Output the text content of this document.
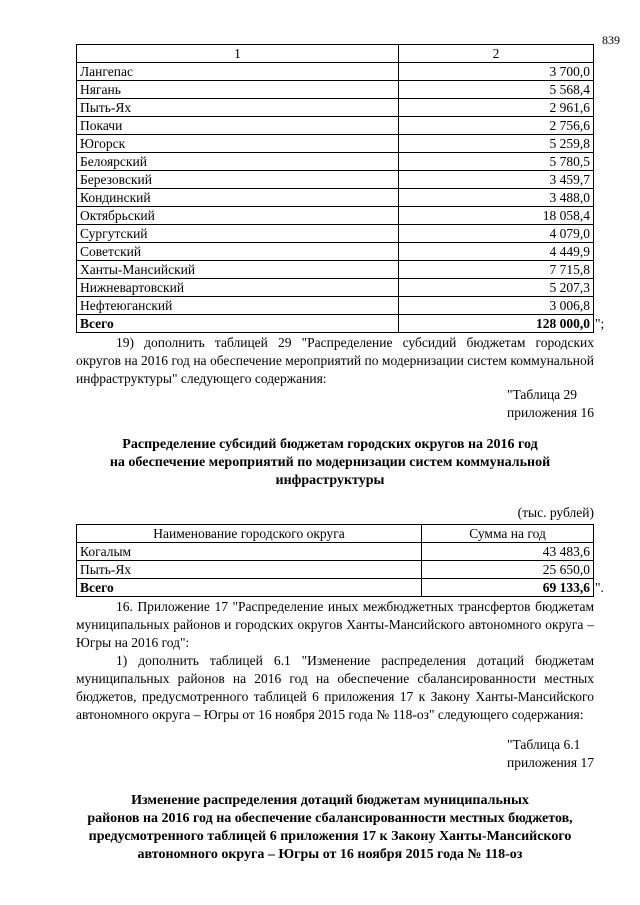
839
1	2
Лангепас	3 700,0
Нягань	5 568,4
Пыть-Ях	2 961,6
Покачи	2 756,6
Югорск	5 259,8
Белоярский	5 780,5
Березовский	3 459,7
Кондинский	3 488,0
Октябрьский	18 058,4
Сургутский	4 079,0
Советский	4 449,9
Ханты-Мансийский	7 715,8
Нижневартовский	5 207,3
Нефтеюганский	3 006,8
Всего	128 000,0 ";
19) дополнить таблицей 29 "Распределение субсидий бюджетам городских округов на 2016 год на обеспечение мероприятий по модернизации систем коммунальной инфраструктуры" следующего содержания:
"Таблица 29
приложения 16
Распределение субсидий бюджетам городских округов на 2016 год
на обеспечение мероприятий по модернизации систем коммунальной
инфраструктуры
(тыс. рублей)
Наименование городского округа	Сумма на год
Когалым	43 483,6
Пыть-Ях	25 650,0
Всего	69 133,6 ".
16. Приложение 17 "Распределение иных межбюджетных трансфертов бюджетам муниципальных районов и городских округов Ханты-Мансийского автономного округа – Югры на 2016 год":
1) дополнить таблицей 6.1 "Изменение распределения дотаций бюджетам муниципальных районов на 2016 год на обеспечение сбалансированности местных бюджетов, предусмотренного таблицей 6 приложения 17 к Закону Ханты-Мансийского автономного округа – Югры от 16 ноября 2015 года № 118-оз" следующего содержания:
"Таблица 6.1
приложения 17
Изменение распределения дотаций бюджетам муниципальных
районов на 2016 год на обеспечение сбалансированности местных бюджетов,
предусмотренного таблицей 6 приложения 17 к Закону Ханты-Мансийского
автономного округа – Югры от 16 ноября 2015 года № 118-оз
